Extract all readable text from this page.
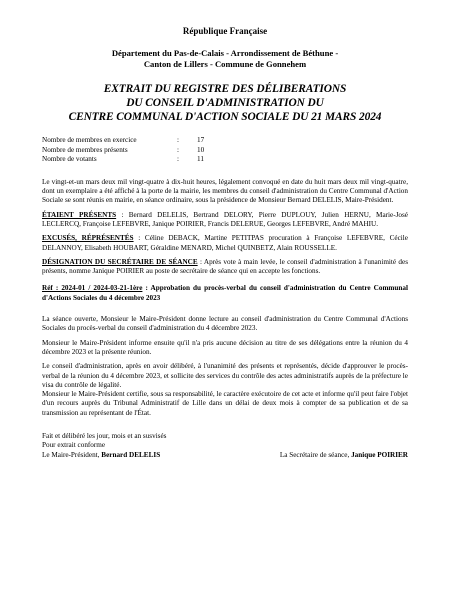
République Française
Département du Pas-de-Calais - Arrondissement de Béthune -
Canton de Lillers - Commune de Gonnehem
EXTRAIT DU REGISTRE DES DÉLIBERATIONS
DU CONSEIL D'ADMINISTRATION DU
CENTRE COMMUNAL D'ACTION SOCIALE DU 21 MARS 2024
Nombre de membres en exercice	:	17
Nombre de membres présents	:	10
Nombre de votants	:	11

Le vingt-et-un mars deux mil vingt-quatre à dix-huit heures, légalement convoqué en date du huit mars deux mil vingt-quatre, dont un exemplaire a été affiché à la porte de la mairie, les membres du conseil d'administration du Centre Communal d'Action Sociale se sont réunis en mairie, en séance ordinaire, sous la présidence de Monsieur Bernard DELELIS, Maire-Président.

ÉTAIENT PRÉSENTS : Bernard DELELIS, Bertrand DELORY, Pierre DUPLOUY, Julien HERNU, Marie-José LECLERCQ, Françoise LEFEBVRE, Janique POIRIER, Francis DELERUE, Georges LEFEBVRE, André MAHIU.

EXCUSÉS, RÉPRÉSENTÉS : Céline DEBACK, Martine PETITPAS procuration à Françoise LEFEBVRE, Cécile DELANNOY, Elisabeth HOUBART, Géraldine MENARD, Michel QUINBETZ, Alain ROUSSELLE.

DÉSIGNATION DU SECRÉTAIRE DE SÉANCE : Après vote à main levée, le conseil d'administration à l'unanimité des présents, nomme Janique POIRIER au poste de secrétaire de séance qui en accepte les fonctions.

Réf : 2024-01 / 2024-03-21-1ère : Approbation du procès-verbal du conseil d'administration du Centre Communal d'Actions Sociales du 4 décembre 2023

La séance ouverte, Monsieur le Maire-Président donne lecture au conseil d'administration du Centre Communal d'Actions Sociales du procès-verbal du conseil d'administration du 4 décembre 2023.

Monsieur le Maire-Président informe ensuite qu'il n'a pris aucune décision au titre de ses délégations entre la réunion du 4 décembre 2023 et la présente réunion.

Le conseil d'administration, après en avoir délibéré, à l'unanimité des présents et représentés, décide d'approuver le procès-verbal de la réunion du 4 décembre 2023, et sollicite des services du contrôle des actes administratifs auprès de la préfecture le visa du contrôle de légalité.

Monsieur le Maire-Président certifie, sous sa responsabilité, le caractère exécutoire de cet acte et informe qu'il peut faire l'objet d'un recours auprès du Tribunal Administratif de Lille dans un délai de deux mois à compter de sa publication et de sa transmission au représentant de l'État.

Fait et délibéré les jour, mois et an susvisés
Pour extrait conforme
Le Maire-Président, Bernard DELELIS	La Secrétaire de séance, Janique POIRIER
